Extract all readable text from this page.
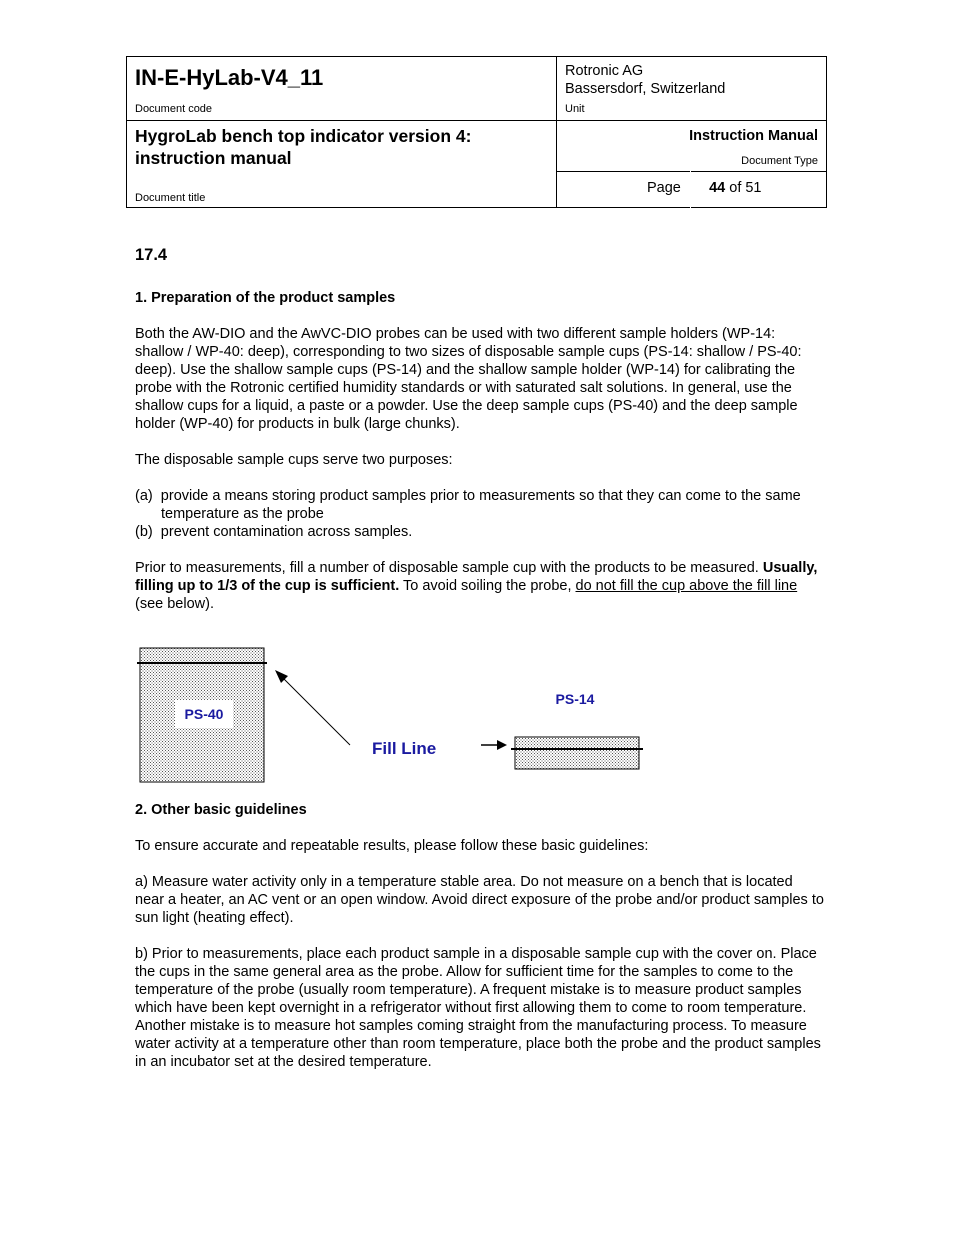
IN-E-HyLab-V4_11
Document code
Rotronic AG
Bassersdorf, Switzerland
Unit
HygroLab bench top indicator version 4:
instruction manual
Document title
Instruction Manual
Document Type
Page 44 of 51
17.4

1. Preparation of the product samples

Both the AW-DIO and the AwVC-DIO probes can be used with two different sample holders (WP-14: shallow / WP-40: deep), corresponding to two sizes of disposable sample cups (PS-14: shallow / PS-40: deep). Use the shallow sample cups (PS-14) and the shallow sample holder (WP-14) for calibrating the probe with the Rotronic certified humidity standards or with saturated salt solutions. In general, use the shallow cups for a liquid, a paste or a powder. Use the deep sample cups (PS-40) and the deep sample holder (WP-40) for products in bulk (large chunks).

The disposable sample cups serve two purposes:

(a) provide a means storing product samples prior to measurements so that they can come to the same temperature as the probe

(b) prevent contamination across samples.

Prior to measurements, fill a number of disposable sample cup with the products to be measured. Usually, filling up to 1/3 of the cup is sufficient. To avoid soiling the probe, do not fill the cup above the fill line (see below).

PS-40
Fill Line
PS-14

2. Other basic guidelines

To ensure accurate and repeatable results, please follow these basic guidelines:

a) Measure water activity only in a temperature stable area. Do not measure on a bench that is located near a heater, an AC vent or an open window. Avoid direct exposure of the probe and/or product samples to sun light (heating effect).

b) Prior to measurements, place each product sample in a disposable sample cup with the cover on. Place the cups in the same general area as the probe. Allow for sufficient time for the samples to come to the temperature of the probe (usually room temperature). A frequent mistake is to measure product samples which have been kept overnight in a refrigerator without first allowing them to come to room temperature. Another mistake is to measure hot samples coming straight from the manufacturing process. To measure water activity at a temperature other than room temperature, place both the probe and the product samples in an incubator set at the desired temperature.
